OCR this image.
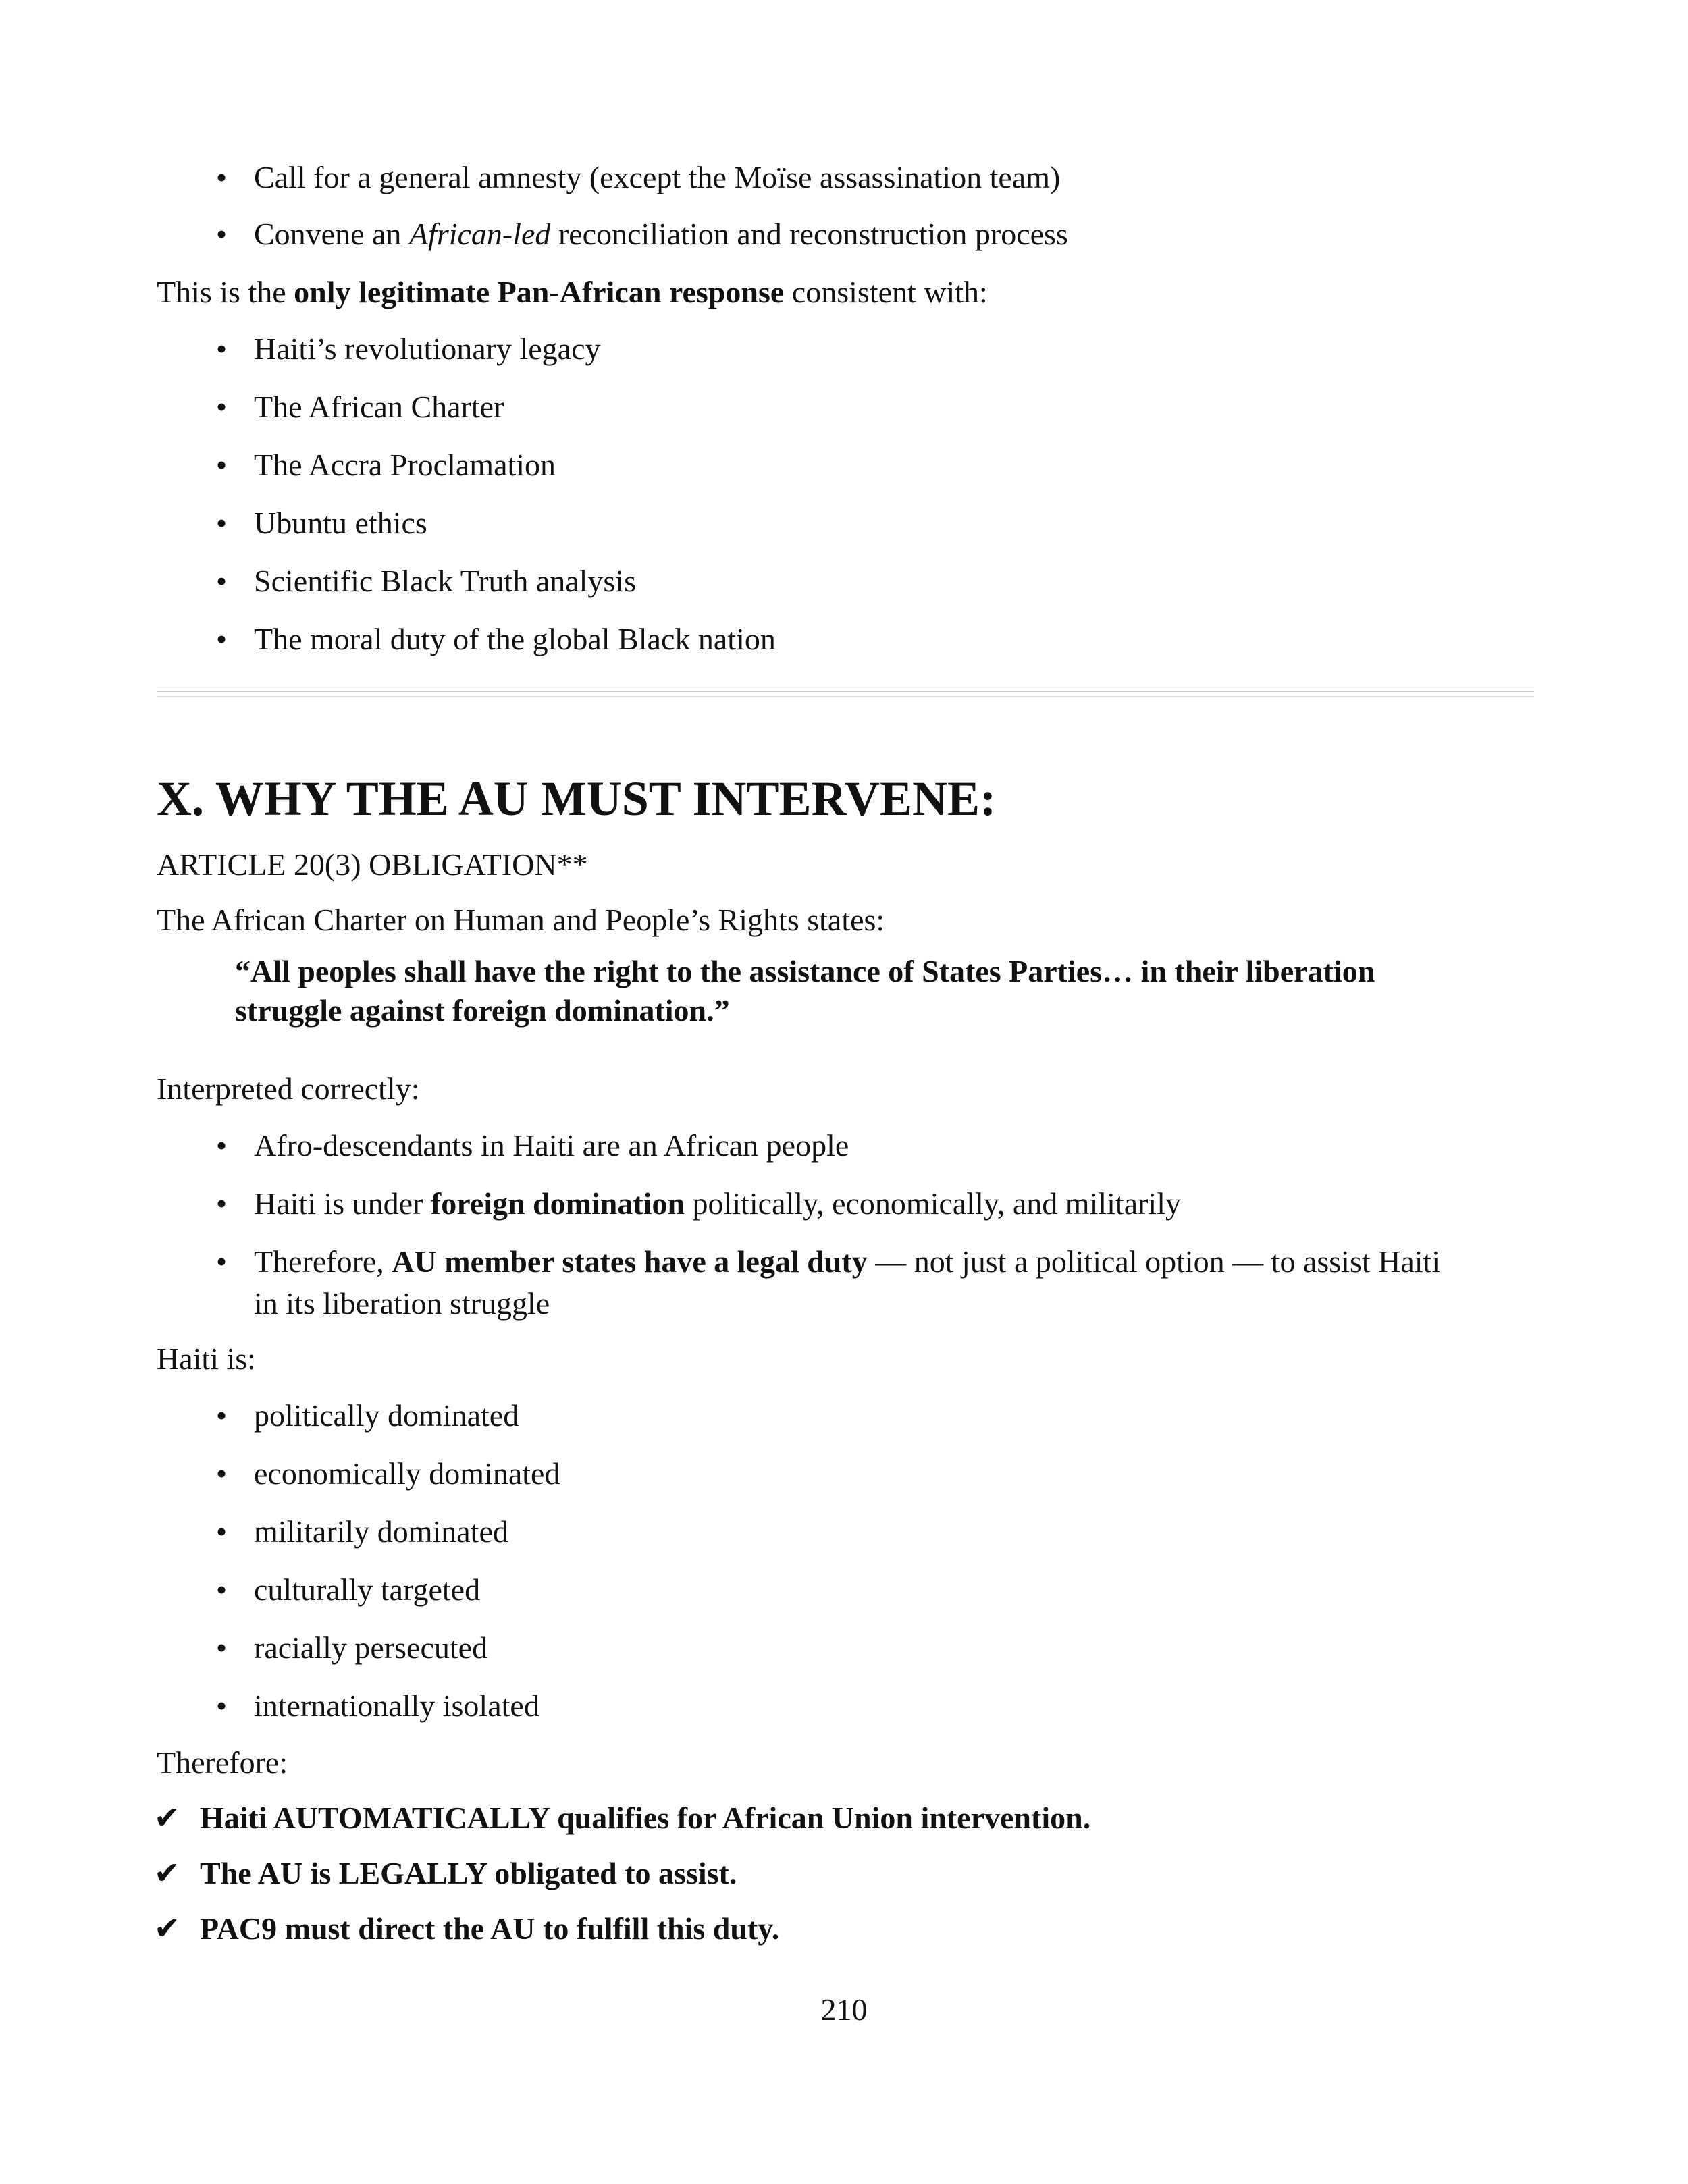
• Call for a general amnesty (except the Moïse assassination team)
• Convene an African-led reconciliation and reconstruction process
This is the only legitimate Pan-African response consistent with:
• Haiti’s revolutionary legacy
• The African Charter
• The Accra Proclamation
• Ubuntu ethics
• Scientific Black Truth analysis
• The moral duty of the global Black nation
X. WHY THE AU MUST INTERVENE:
ARTICLE 20(3) OBLIGATION**
The African Charter on Human and People’s Rights states:
“All peoples shall have the right to the assistance of States Parties… in their liberation
struggle against foreign domination.”
Interpreted correctly:
• Afro-descendants in Haiti are an African people
• Haiti is under foreign domination politically, economically, and militarily
• Therefore, AU member states have a legal duty — not just a political option — to assist Haiti
in its liberation struggle
Haiti is:
• politically dominated
• economically dominated
• militarily dominated
• culturally targeted
• racially persecuted
• internationally isolated
Therefore:
✔ Haiti AUTOMATICALLY qualifies for African Union intervention.
✔ The AU is LEGALLY obligated to assist.
✔ PAC9 must direct the AU to fulfill this duty.
210
